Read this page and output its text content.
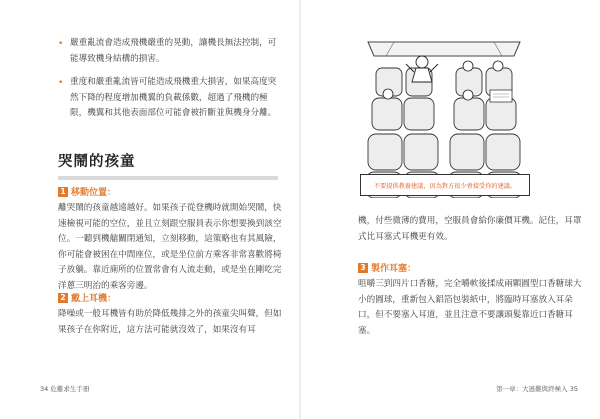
• 嚴重亂流會造成飛機嚴重的晃動，讓機長無法控制，可能導致機身結構的損害。
• 重度和嚴重亂流皆可能造成飛機重大損害，如果高度突然下降的程度增加機翼的負載係數，超過了飛機的極限，機翼和其他表面部位可能會被折斷並與機身分離。
哭鬧的孩童
1 移動位置：
離哭鬧的孩童越遠越好。如果孩子從登機時就開始哭鬧，快速檢視可能的空位，並且立刻跟空服員表示你想要換到該空位。一聽到機艙關閉通知，立刻移動，這策略也有其風險，你可能會被困在中間座位，或是坐位前方乘客非常喜歡將椅子放躺。靠近廁所的位置常會有人流走動，或是坐在剛吃完洋蔥三明治的乘客旁邊。
2 戴上耳機：
降噪或一般耳機皆有助於降低幾排之外的孩童尖叫聲，但如果孩子在你附近，這方法可能就沒效了，如果沒有耳
34 危難求生手冊
不要提供教養建議，因為對方很少會接受你的建議。
機，付些微薄的費用，空服員會給你廉價耳機。記住，耳罩式比耳塞式耳機更有效。
3 製作耳塞：
咀嚼三到四片口香糖，完全嚼軟後揉成兩顆圓型口香糖球大小的圓球，重新包入鋁箔包裝紙中，將臨時耳塞放入耳朵口，但不要塞入耳道，並且注意不要讓頭髮靠近口香糖耳塞。
第一章：大逃難與終極入 35
